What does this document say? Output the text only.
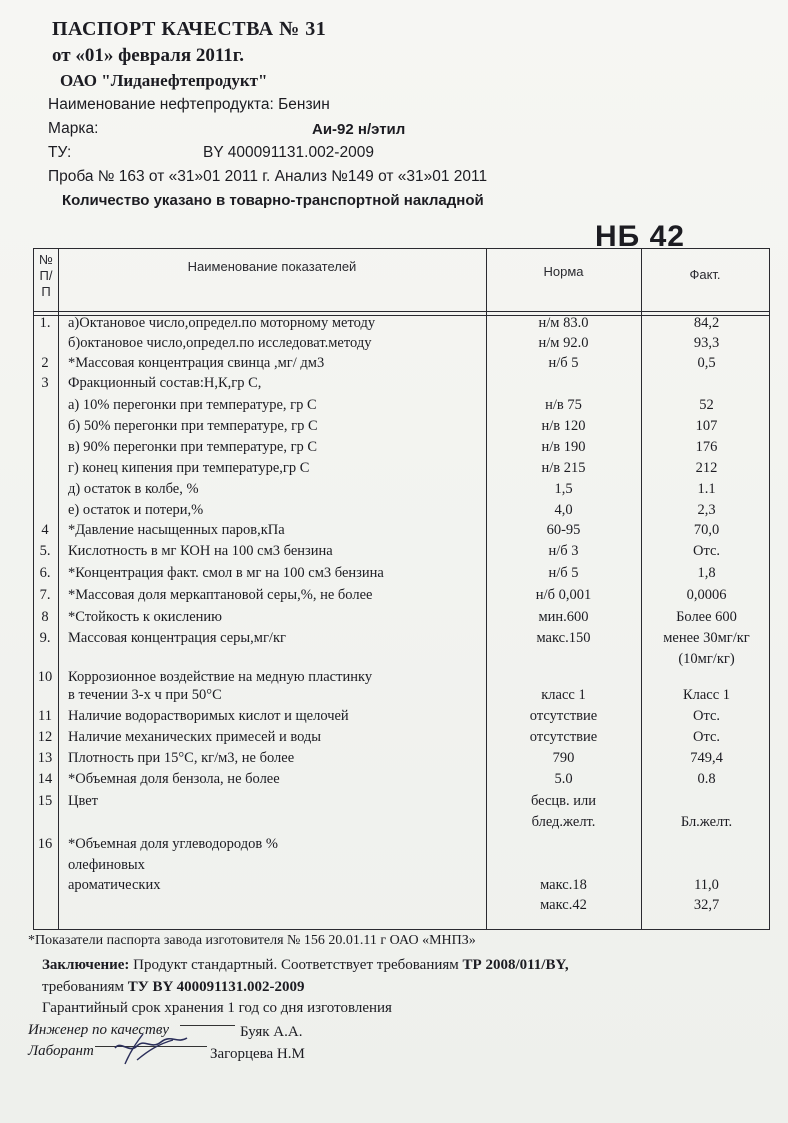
ПАСПОРТ КАЧЕСТВА № 31
от «01» февраля 2011г.
ОАО "Лиданефтепродукт"
Наименование нефтепродукта: Бензин
Марка:	Аи-92 н/этил
ТУ:	BY 400091131.002-2009
Проба № 163 от «31»01 2011 г. Анализ №149 от «31»01 2011
Количество указано в товарно-транспортной накладной
НБ 42
№
П/
П
Наименование показателей	Норма	Факт.
1.	а)Октановое число,определ.по моторному методу	н/м 83.0	84,2
б)октановое число,определ.по исследоват.методу	н/м 92.0	93,3
2	*Массовая концентрация свинца ,мг/ дм3	н/б 5	0,5
3	Фракционный состав:Н,К,гр С,
а) 10% перегонки при температуре, гр С	н/в 75	52
б) 50% перегонки при температуре, гр С	н/в 120	107
в) 90% перегонки при температуре, гр С	н/в 190	176
г) конец кипения при температуре,гр С	н/в 215	212
д) остаток в колбе, %	1,5	1.1
е) остаток и потери,%	4,0	2,3
4	*Давление насыщенных паров,кПа	60-95	70,0
5.	Кислотность в мг КОН на 100 см3 бензина	н/б 3	Отс.
6.	*Концентрация факт. смол в мг на 100 см3 бензина	н/б 5	1,8
7.	*Массовая доля меркаптановой серы,%, не более	н/б 0,001	0,0006
8	*Стойкость к окислению	мин.600	Более 600
9.	Массовая концентрация серы,мг/кг	макс.150	менее 30мг/кг
(10мг/кг)
10 Коррозионное воздействие на медную пластинку
в течении 3-х ч при 50°С	класс 1	Класс 1
11 Наличие водорастворимых кислот и щелочей	отсутствие	Отс.
12 Наличие механических примесей и воды	отсутствие	Отс.
13 Плотность при 15°С, кг/м3, не более	790	749,4
14 *Объемная доля бензола, не более	5.0	0.8
15 Цвет	бесцв. или
блед.желт.	Бл.желт.
16 *Объемная доля углеводородов %
олефиновых
ароматических	макс.18	11,0
макс.42	32,7
*Показатели паспорта завода изготовителя № 156 20.01.11 г ОАО «МНПЗ»
Заключение: Продукт стандартный. Соответствует требованиям ТР 2008/011/BY,
требованиям ТУ BY 400091131.002-2009
Гарантийный срок хранения 1 год со дня изготовления
Инженер по качеству	Буяк А.А.
Лаборант	Загорцева Н.М
